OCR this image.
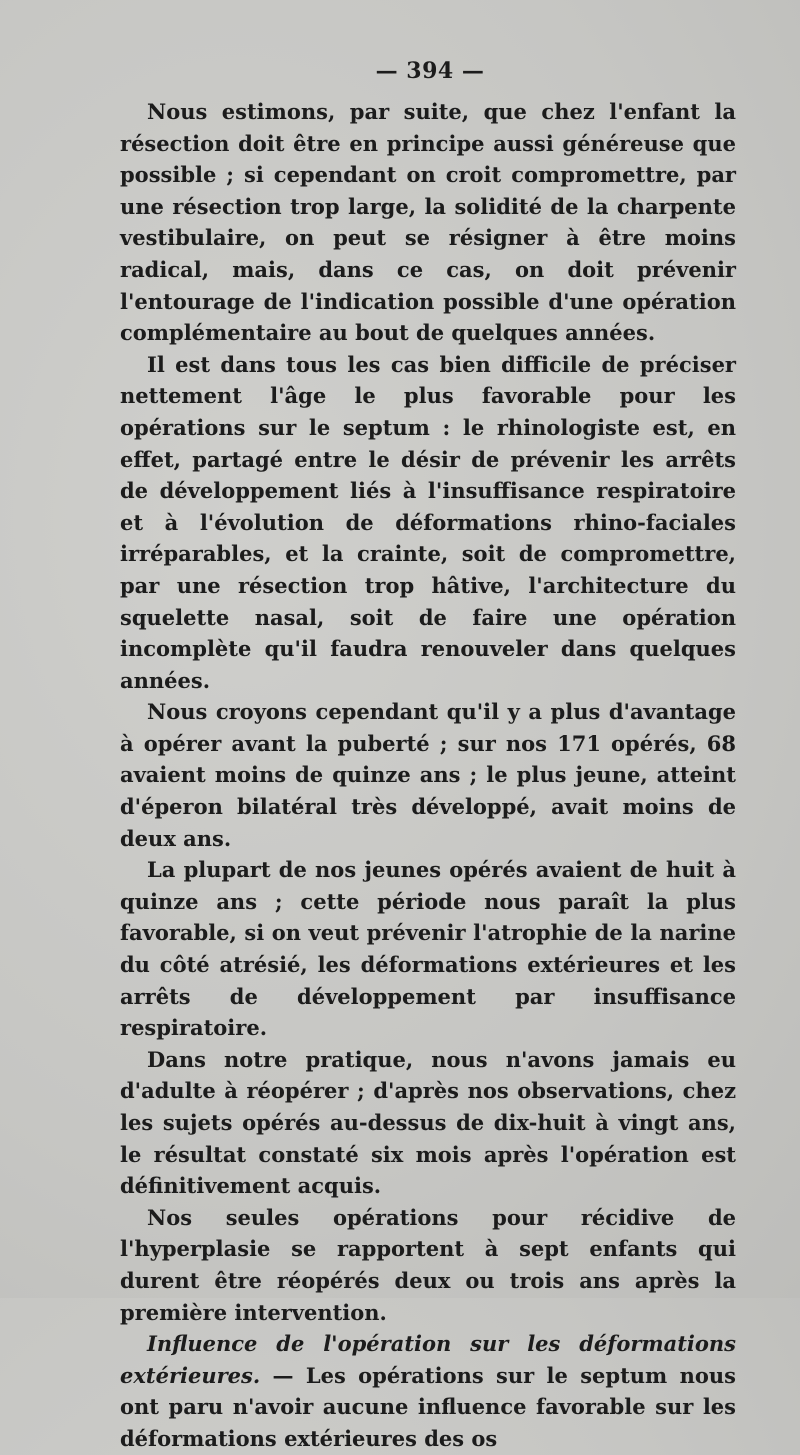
— 394 —

Nous estimons, par suite, que chez l'enfant la résection doit être en principe aussi généreuse que possible ; si cependant on croit compromettre, par une résection trop large, la solidité de la charpente vestibulaire, on peut se résigner à être moins radical, mais, dans ce cas, on doit prévenir l'entourage de l'indication possible d'une opération complémentaire au bout de quelques années.

Il est dans tous les cas bien difficile de préciser nettement l'âge le plus favorable pour les opérations sur le septum : le rhinologiste est, en effet, partagé entre le désir de prévenir les arrêts de développement liés à l'insuffisance respiratoire et à l'évolution de déformations rhino-faciales irréparables, et la crainte, soit de compromettre, par une résection trop hâtive, l'architecture du squelette nasal, soit de faire une opération incomplète qu'il faudra renouveler dans quelques années.

Nous croyons cependant qu'il y a plus d'avantage à opérer avant la puberté ; sur nos 171 opérés, 68 avaient moins de quinze ans ; le plus jeune, atteint d'éperon bilatéral très développé, avait moins de deux ans.

La plupart de nos jeunes opérés avaient de huit à quinze ans ; cette période nous paraît la plus favorable, si on veut prévenir l'atrophie de la narine du côté atrésié, les déformations extérieures et les arrêts de développement par insuffisance respiratoire.

Dans notre pratique, nous n'avons jamais eu d'adulte à réopérer ; d'après nos observations, chez les sujets opérés au-dessus de dix-huit à vingt ans, le résultat constaté six mois après l'opération est définitivement acquis.

Nos seules opérations pour récidive de l'hyperplasie se rapportent à sept enfants qui durent être réopérés deux ou trois ans après la première intervention.

Influence de l'opération sur les déformations extérieures. — Les opérations sur le septum nous ont paru n'avoir aucune influence favorable sur les déformations extérieures des os
